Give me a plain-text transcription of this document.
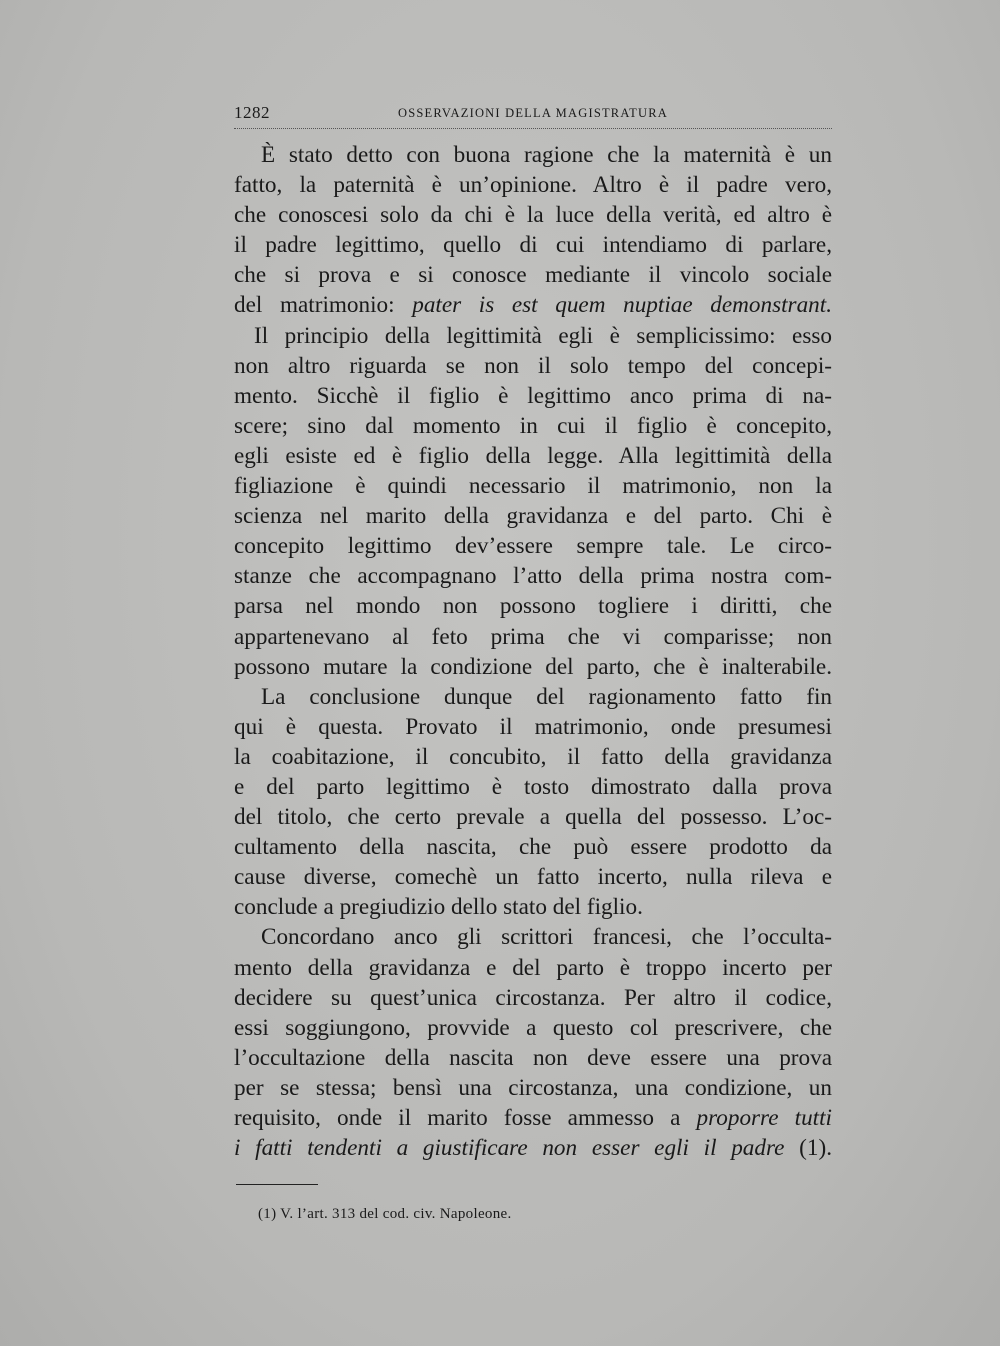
1282	OSSERVAZIONI DELLA MAGISTRATURA
È stato detto con buona ragione che la maternità è un
fatto, la paternità è un’opinione. Altro è il padre vero,
che conoscesi solo da chi è la luce della verità, ed altro è
il padre legittimo, quello di cui intendiamo di parlare,
che si prova e si conosce mediante il vincolo sociale
del matrimonio: pater is est quem nuptiae demonstrant.
Il principio della legittimità egli è semplicissimo: esso
non altro riguarda se non il solo tempo del concepi-
mento. Sicchè il figlio è legittimo anco prima di na-
scere; sino dal momento in cui il figlio è concepito,
egli esiste ed è figlio della legge. Alla legittimità della
figliazione è quindi necessario il matrimonio, non la
scienza nel marito della gravidanza e del parto. Chi è
concepito legittimo dev’essere sempre tale. Le circo-
stanze che accompagnano l’atto della prima nostra com-
parsa nel mondo non possono togliere i diritti, che
appartenevano al feto prima che vi comparisse; non
possono mutare la condizione del parto, che è inalterabile.
La conclusione dunque del ragionamento fatto fin
qui è questa. Provato il matrimonio, onde presumesi
la coabitazione, il concubito, il fatto della gravidanza
e del parto legittimo è tosto dimostrato dalla prova
del titolo, che certo prevale a quella del possesso. L’oc-
cultamento della nascita, che può essere prodotto da
cause diverse, comechè un fatto incerto, nulla rileva e
conclude a pregiudizio dello stato del figlio.
Concordano anco gli scrittori francesi, che l’occulta-
mento della gravidanza e del parto è troppo incerto per
decidere su quest’unica circostanza. Per altro il codice,
essi soggiungono, provvide a questo col prescrivere, che
l’occultazione della nascita non deve essere una prova
per se stessa; bensì una circostanza, una condizione, un
requisito, onde il marito fosse ammesso a proporre tutti
i fatti tendenti a giustificare non esser egli il padre (1).
(1) V. l’art. 313 del cod. civ. Napoleone.
